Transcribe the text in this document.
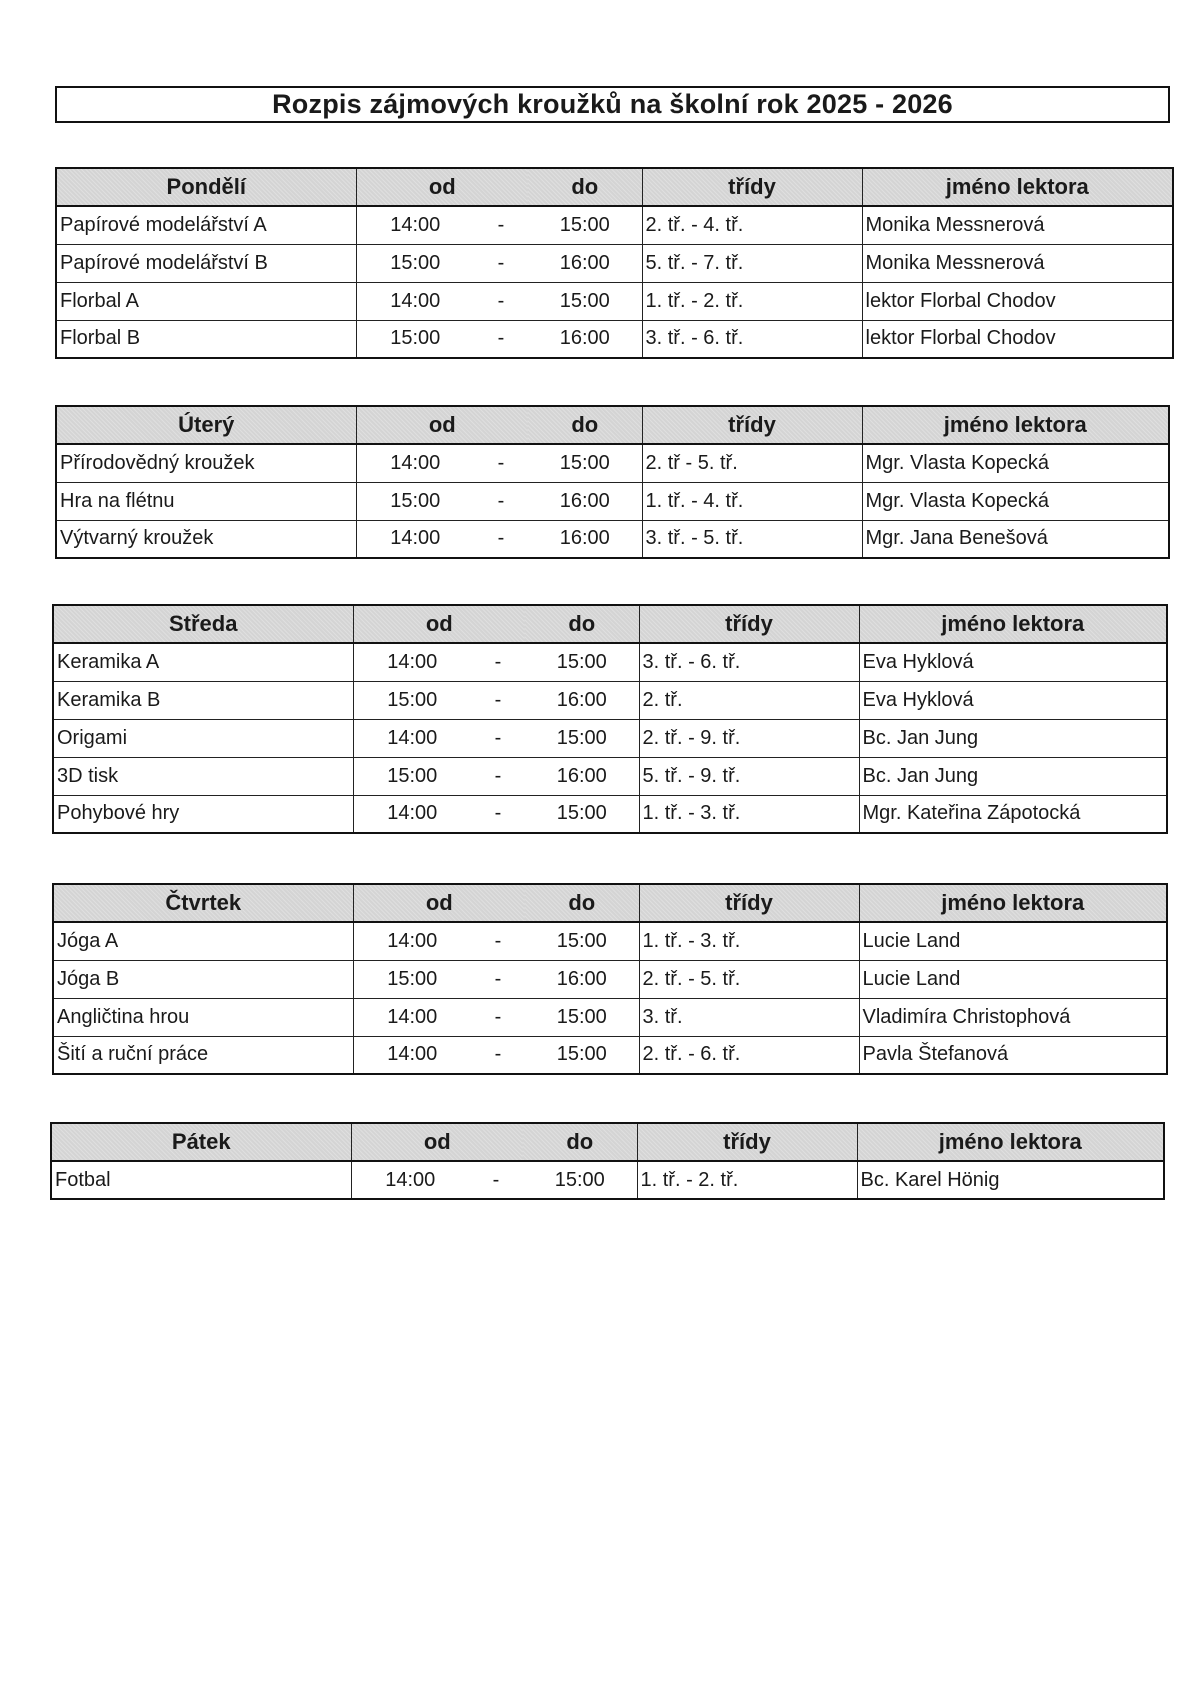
Rozpis zájmových kroužků na školní rok 2025 - 2026
Pondělí	od		do	třídy	jméno lektora
Papírové modelářství A	14:00	-	15:00	2. tř. - 4. tř.	Monika Messnerová
Papírové modelářství B	15:00	-	16:00	5. tř. - 7. tř.	Monika Messnerová
Florbal A	14:00	-	15:00	1. tř. - 2. tř.	lektor Florbal Chodov
Florbal B	15:00	-	16:00	3. tř. - 6. tř.	lektor Florbal Chodov
Úterý	od		do	třídy	jméno lektora
Přírodovědný kroužek	14:00	-	15:00	2. tř - 5. tř.	Mgr. Vlasta Kopecká
Hra na flétnu	15:00	-	16:00	1. tř. - 4. tř.	Mgr. Vlasta Kopecká
Výtvarný kroužek	14:00	-	16:00	3. tř. - 5. tř.	Mgr. Jana Benešová
Středa	od		do	třídy	jméno lektora
Keramika A	14:00	-	15:00	3. tř. - 6. tř.	Eva Hyklová
Keramika B	15:00	-	16:00	2. tř.	Eva Hyklová
Origami	14:00	-	15:00	2. tř. - 9. tř.	Bc. Jan Jung
3D tisk	15:00	-	16:00	5. tř. - 9. tř.	Bc. Jan Jung
Pohybové hry	14:00	-	15:00	1. tř. - 3. tř.	Mgr. Kateřina Zápotocká
Čtvrtek	od		do	třídy	jméno lektora
Jóga A	14:00	-	15:00	1. tř. - 3. tř.	Lucie Land
Jóga B	15:00	-	16:00	2. tř. - 5. tř.	Lucie Land
Angličtina hrou	14:00	-	15:00	3. tř.	Vladimíra Christophová
Šití a ruční práce	14:00	-	15:00	2. tř. - 6. tř.	Pavla Štefanová
Pátek	od		do	třídy	jméno lektora
Fotbal	14:00	-	15:00	1. tř. - 2. tř.	Bc. Karel Hönig
